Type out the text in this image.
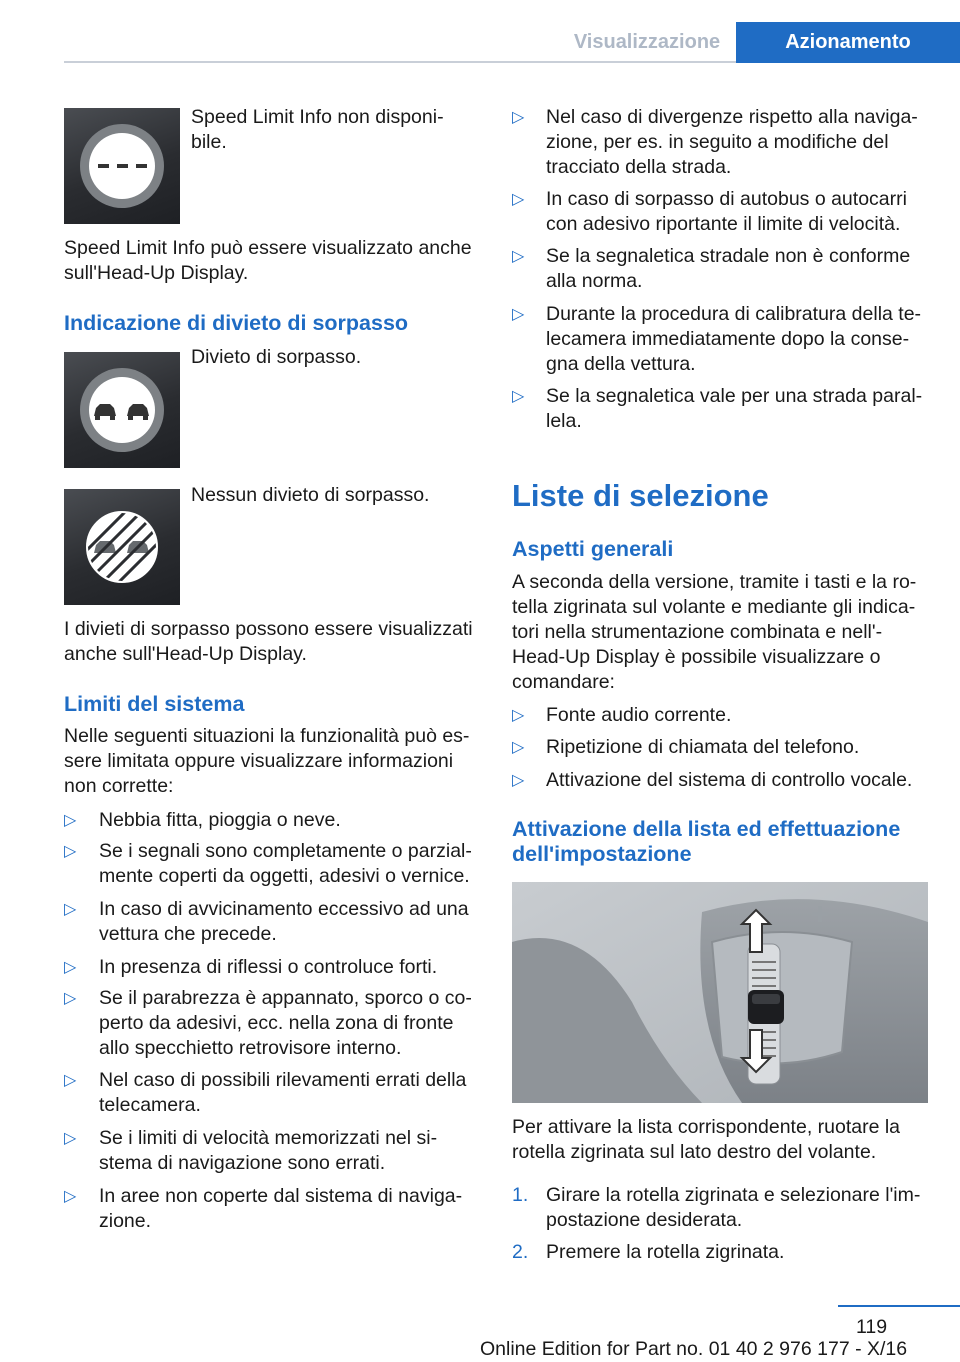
Visualizzazione	Azionamento
Speed Limit Info non disponi-
bile.
Speed Limit Info può essere visualizzato anche
sull'Head-Up Display.
Indicazione di divieto di sorpasso
Divieto di sorpasso.
Nessun divieto di sorpasso.
I divieti di sorpasso possono essere visualizzati
anche sull'Head-Up Display.
Limiti del sistema
Nelle seguenti situazioni la funzionalità può es-
sere limitata oppure visualizzare informazioni
non corrette:
▷	Nebbia fitta, pioggia o neve.
▷	Se i segnali sono completamente o parzial-
mente coperti da oggetti, adesivi o vernice.
▷	In caso di avvicinamento eccessivo ad una
vettura che precede.
▷	In presenza di riflessi o controluce forti.
▷	Se il parabrezza è appannato, sporco o co-
perto da adesivi, ecc. nella zona di fronte
allo specchietto retrovisore interno.
▷	Nel caso di possibili rilevamenti errati della
telecamera.
▷	Se i limiti di velocità memorizzati nel si-
stema di navigazione sono errati.
▷	In aree non coperte dal sistema di naviga-
zione.
▷	Nel caso di divergenze rispetto alla naviga-
zione, per es. in seguito a modifiche del
tracciato della strada.
▷	In caso di sorpasso di autobus o autocarri
con adesivo riportante il limite di velocità.
▷	Se la segnaletica stradale non è conforme
alla norma.
▷	Durante la procedura di calibratura della te-
lecamera immediatamente dopo la conse-
gna della vettura.
▷	Se la segnaletica vale per una strada paral-
lela.
Liste di selezione
Aspetti generali
A seconda della versione, tramite i tasti e la ro-
tella zigrinata sul volante e mediante gli indica-
tori nella strumentazione combinata e nell'-
Head-Up Display è possibile visualizzare o
comandare:
▷	Fonte audio corrente.
▷	Ripetizione di chiamata del telefono.
▷	Attivazione del sistema di controllo vocale.
Attivazione della lista ed effettuazione
dell'impostazione
Per attivare la lista corrispondente, ruotare la
rotella zigrinata sul lato destro del volante.
1. Girare la rotella zigrinata e selezionare l'im-
postazione desiderata.
2. Premere la rotella zigrinata.
119
Online Edition for Part no. 01 40 2 976 177 - X/16
